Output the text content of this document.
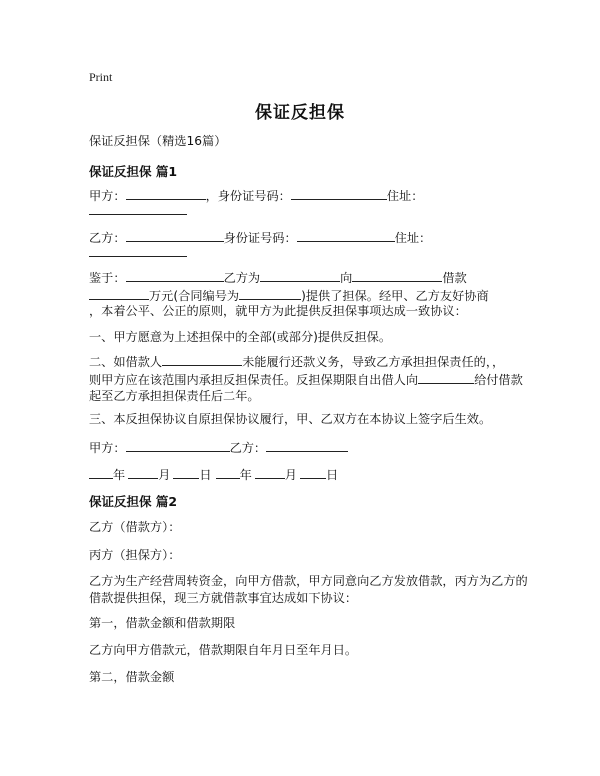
Print
保证反担保
保证反担保（精选16篇）
保证反担保 篇1
甲方：	，身份证号码：	住址：
乙方：	身份证号码：	住址：
鉴于：	乙方为	向	借款
万元(合同编号为	)提供了担保。经甲、乙方友好协商
，本着公平、公正的原则，就甲方为此提供反担保事项达成一致协议：
一、甲方愿意为上述担保中的全部(或部分)提供反担保。
二、如借款人	未能履行还款义务，导致乙方承担担保责任的，，
则甲方应在该范围内承担反担保责任。反担保期限自出借人向	给付借款
起至乙方承担担保责任后二年。
三、本反担保协议自原担保协议履行，甲、乙双方在本协议上签字后生效。
甲方：	乙方：
年	月 日 年	月 日
保证反担保 篇2
乙方（借款方）：
丙方（担保方）：
乙方为生产经营周转资金，向甲方借款，甲方同意向乙方发放借款，丙方为乙方的
借款提供担保，现三方就借款事宜达成如下协议：
第一，借款金额和借款期限
乙方向甲方借款元，借款期限自年月日至年月日。
第二，借款金额
